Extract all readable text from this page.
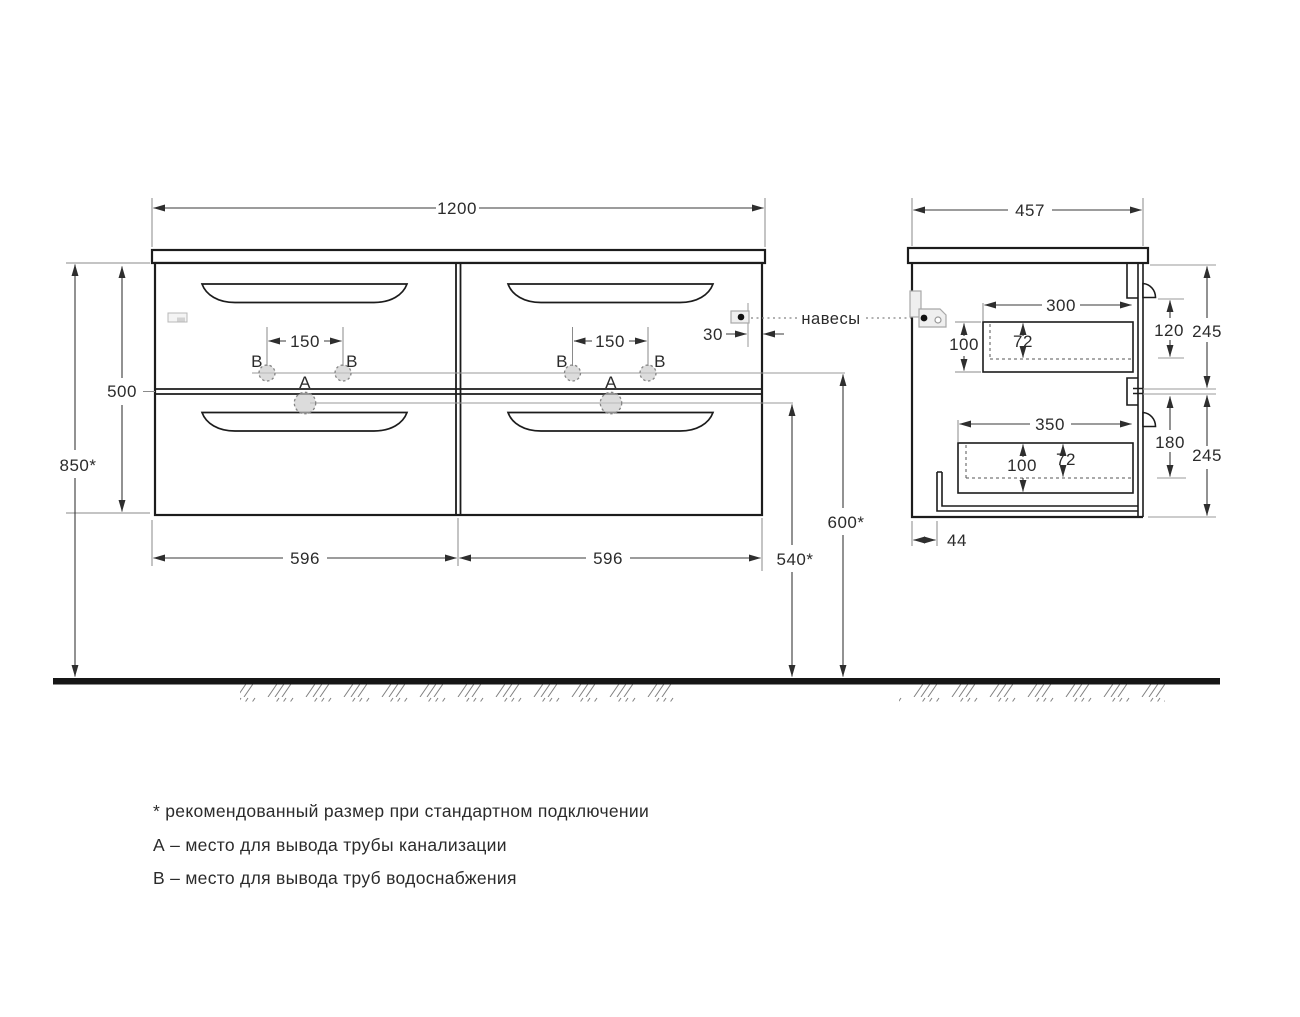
В	В	В	В
А	А
150	150	30
навесы
1200
500
850*
596	596	540*
600*
457
300
100 72
350
100 72
120 245
180
245
44
* рекомендованный размер при стандартном подключении
А – место для вывода трубы канализации
В – место для вывода труб водоснабжения
